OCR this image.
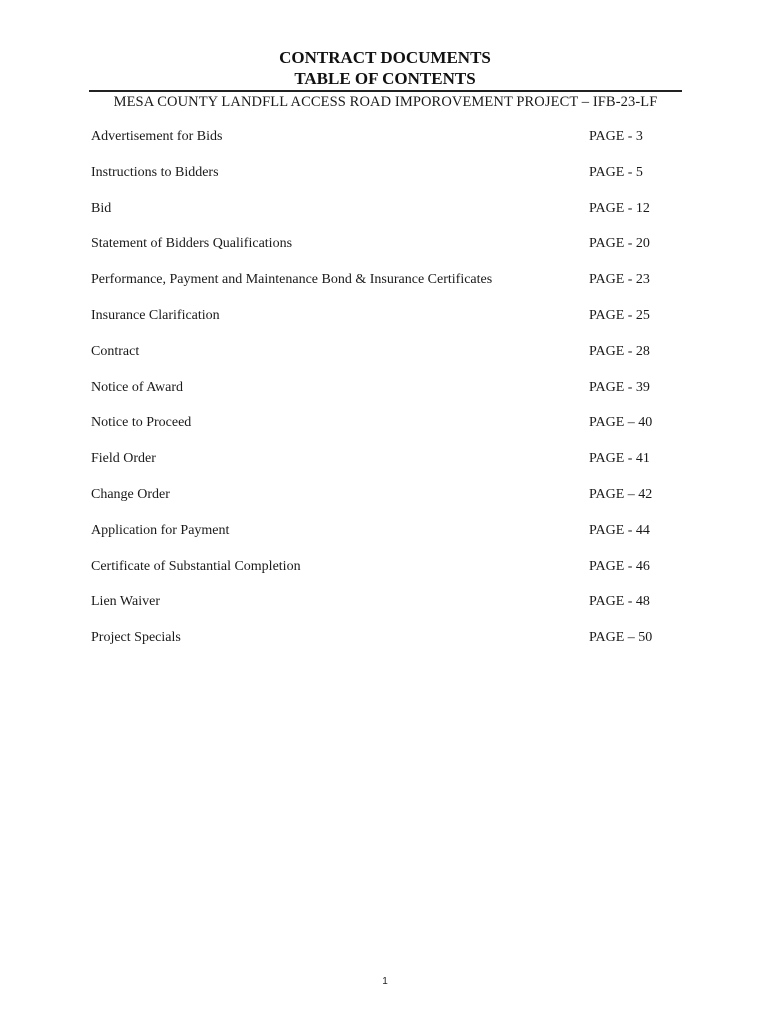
CONTRACT DOCUMENTS
TABLE OF CONTENTS
MESA COUNTY LANDFLL ACCESS ROAD IMPOROVEMENT PROJECT – IFB-23-LF
Advertisement for Bids	PAGE - 3
Instructions to Bidders	PAGE - 5
Bid	PAGE - 12
Statement of Bidders Qualifications	PAGE - 20
Performance, Payment and Maintenance Bond & Insurance Certificates	PAGE - 23
Insurance Clarification	PAGE - 25
Contract	PAGE - 28
Notice of Award	PAGE - 39
Notice to Proceed	PAGE – 40
Field Order	PAGE - 41
Change Order	PAGE – 42
Application for Payment	PAGE - 44
Certificate of Substantial Completion	PAGE - 46
Lien Waiver	PAGE - 48
Project Specials	PAGE – 50
1
